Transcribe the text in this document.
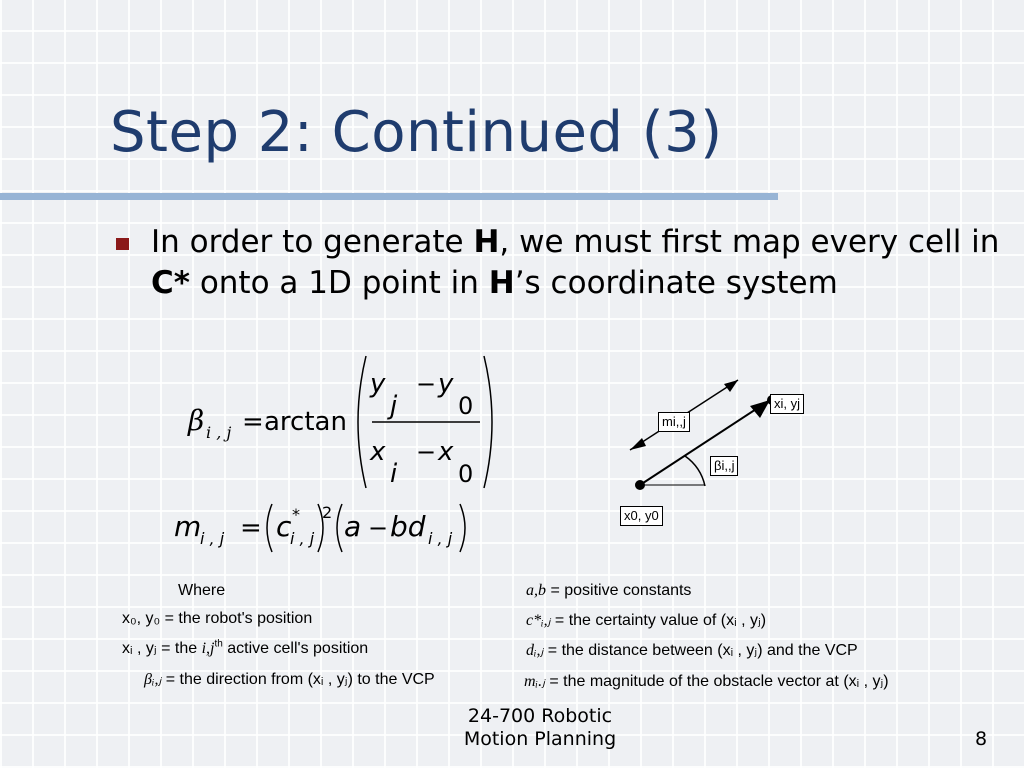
Step 2: Continued (3)

In order to generate H, we must first map every cell in C* onto a 1D point in H’s coordinate system

β i , j = arctan
y
j
− y
0
x
i
− x
0
m
i , j = c *
i , j
2 a − bd i , j
xi, yj
mi,,j
βi,,j
x0, y0
Where
x₀, y₀ = the robot's position
xᵢ , yⱼ = the $i,j^{th}$ active cell's position
βᵢ,ⱼ = the direction from (xᵢ , yⱼ) to the VCP
a,b = positive constants
c*ᵢ,ⱼ = the certainty value of (xᵢ , yⱼ)
dᵢ,ⱼ = the distance between (xᵢ , yⱼ) and the VCP
mᵢ.ⱼ = the magnitude of the obstacle vector at (xᵢ , yⱼ)

24-700 Robotic Motion Planning	8
